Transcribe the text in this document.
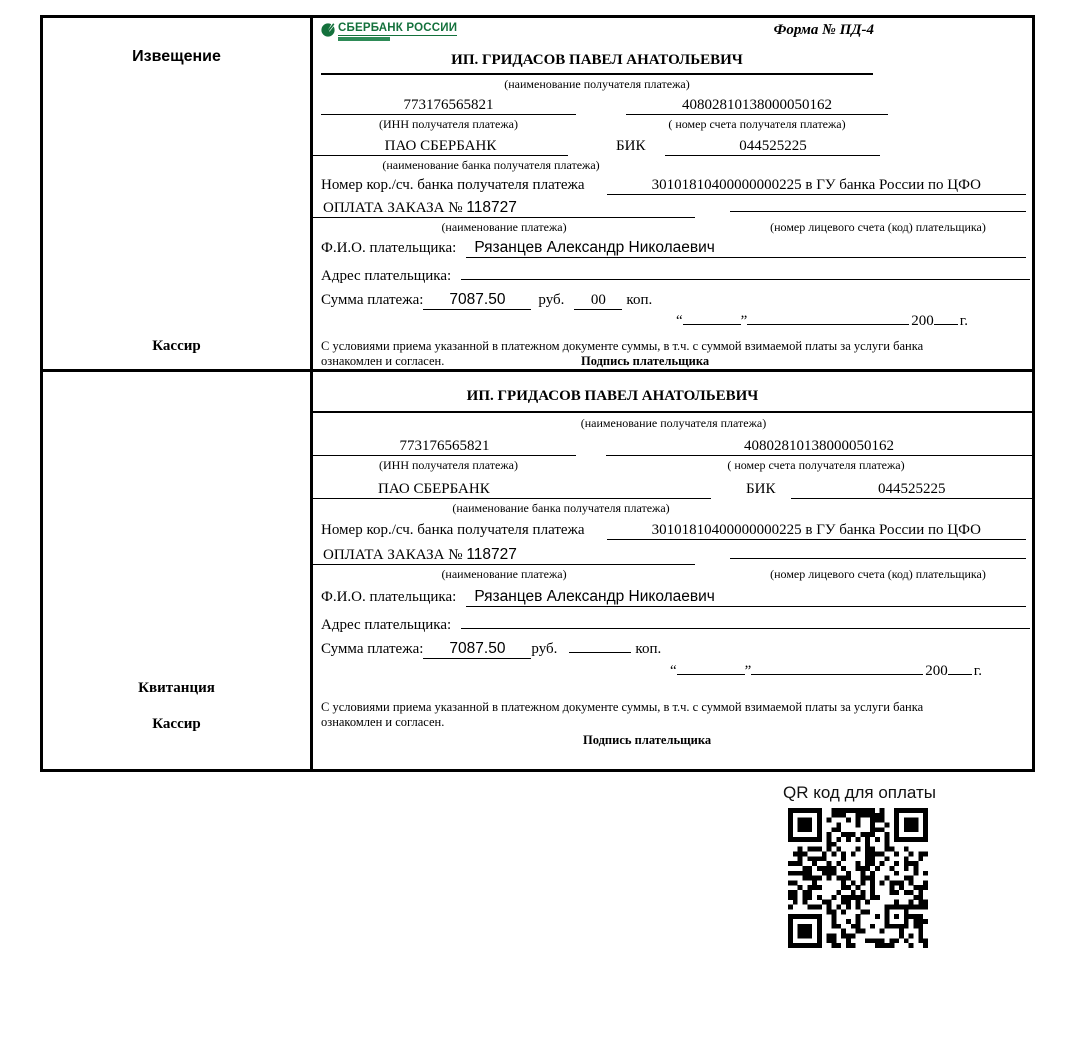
Извещение
Кассир
СБЕРБАНК РОССИИ	Форма № ПД-4
ИП. ГРИДАСОВ ПАВЕЛ АНАТОЛЬЕВИЧ
(наименование получателя платежа)
773176565821	40802810138000050162
(ИНН получателя платежа)	( номер счета получателя платежа)
ПАО СБЕРБАНК	БИК	044525225
(наименование банка получателя платежа)
Номер кор./сч. банка получателя платежа	30101810400000000225 в ГУ банка России по ЦФО
ОПЛАТА ЗАКАЗА № 118727
(наименование платежа)	(номер лицевого счета (код) плательщика)
Ф.И.О. плательщика:	Рязанцев Александр Николаевич
Адрес плательщика:
Сумма платежа:	7087.50	руб.	00	коп.
“	”	200 г.
С условиями приема указанной в платежном документе суммы, в т.ч. с суммой взимаемой платы за услуги банка ознакомлен и согласен.	Подпись плательщика
Квитанция
Кассир
ИП. ГРИДАСОВ ПАВЕЛ АНАТОЛЬЕВИЧ
(наименование получателя платежа)
773176565821	40802810138000050162
(ИНН получателя платежа)	( номер счета получателя платежа)
ПАО СБЕРБАНК	БИК	044525225
(наименование банка получателя платежа)
Номер кор./сч. банка получателя платежа	30101810400000000225 в ГУ банка России по ЦФО
ОПЛАТА ЗАКАЗА № 118727
(наименование платежа)	(номер лицевого счета (код) плательщика)
Ф.И.О. плательщика:	Рязанцев Александр Николаевич
Адрес плательщика:
Сумма платежа:	7087.50	руб.	коп.
“	”	200 г.
С условиями приема указанной в платежном документе суммы, в т.ч. с суммой взимаемой платы за услуги банка ознакомлен и согласен.
Подпись плательщика
QR код для оплаты
